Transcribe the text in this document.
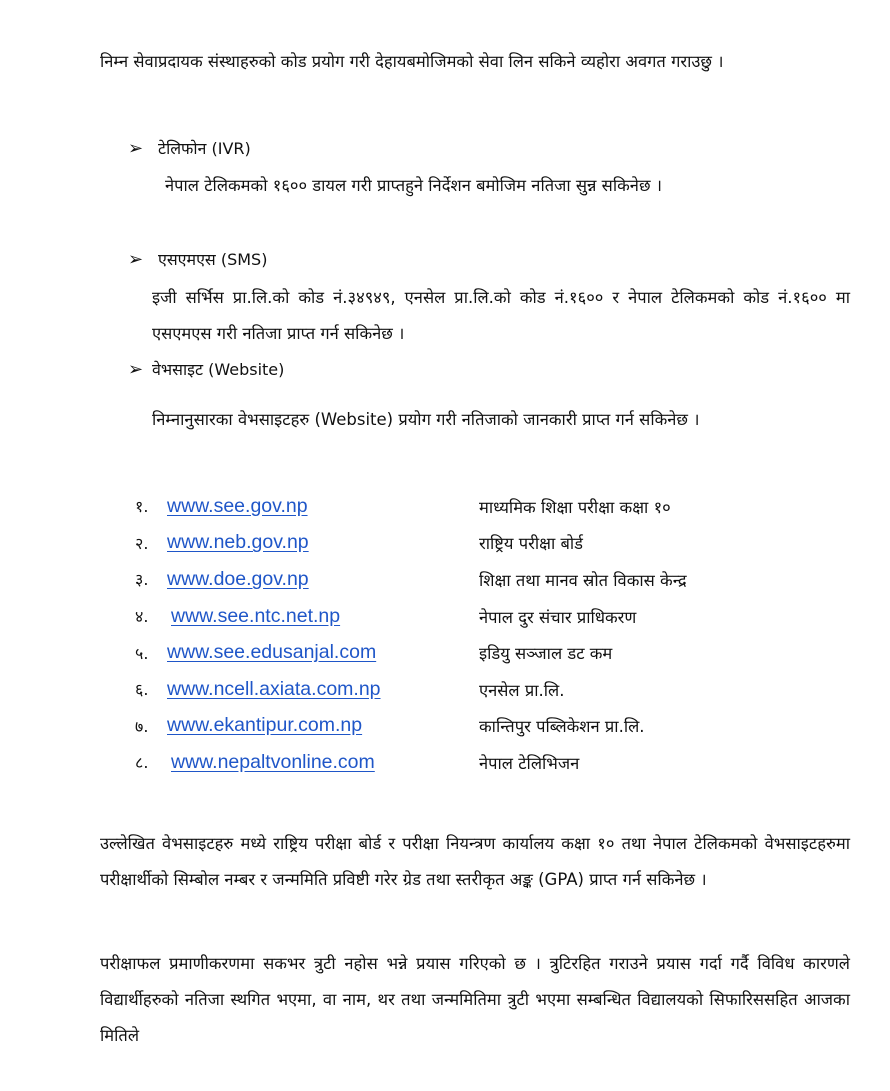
निम्न सेवाप्रदायक संस्थाहरुको कोड प्रयोग गरी देहायबमोजिमको सेवा लिन सकिने व्यहोरा अवगत गराउछु ।

➢ टेलिफोन (IVR)

नेपाल टेलिकमको १६०० डायल गरी प्राप्तहुने निर्देशन बमोजिम नतिजा सुन्न सकिनेछ ।

➢ एसएमएस (SMS)

इजी सर्भिस प्रा.लि.को कोड नं.३४९४९, एनसेल प्रा.लि.को कोड नं.१६०० र नेपाल टेलिकमको कोड नं.१६०० मा एसएमएस गरी नतिजा प्राप्त गर्न सकिनेछ ।

➢ वेभसाइट (Website)

निम्नानुसारका वेभसाइटहरु (Website) प्रयोग गरी नतिजाको जानकारी प्राप्त गर्न सकिनेछ ।

१. www.see.gov.np	माध्यमिक शिक्षा परीक्षा कक्षा १०
२. www.neb.gov.np	राष्ट्रिय परीक्षा बोर्ड
३. www.doe.gov.np	शिक्षा तथा मानव स्रोत विकास केन्द्र
४.	www.see.ntc.net.np	नेपाल दुर संचार प्राधिकरण
५. www.see.edusanjal.com	इडियु सञ्जाल डट कम
६. www.ncell.axiata.com.np	एनसेल प्रा.लि.
७. www.ekantipur.com.np	कान्तिपुर पब्लिकेशन प्रा.लि.
८.	www.nepaltvonline.com	नेपाल टेलिभिजन

उल्लेखित वेभसाइटहरु मध्ये राष्ट्रिय परीक्षा बोर्ड र परीक्षा नियन्त्रण कार्यालय कक्षा १० तथा नेपाल टेलिकमको वेभसाइटहरुमा परीक्षार्थीको सिम्बोल नम्बर र जन्ममिति प्रविष्टी गरेर ग्रेड तथा स्तरीकृत अङ्क (GPA) प्राप्त गर्न सकिनेछ ।

परीक्षाफल प्रमाणीकरणमा सकभर त्रुटी नहोस भन्ने प्रयास गरिएको छ । त्रुटिरहित गराउने प्रयास गर्दा गर्दै विविध कारणले विद्यार्थीहरुको नतिजा स्थगित भएमा, वा नाम, थर तथा जन्ममितिमा त्रुटी भएमा सम्बन्धित विद्यालयको सिफारिससहित आजका मितिले
